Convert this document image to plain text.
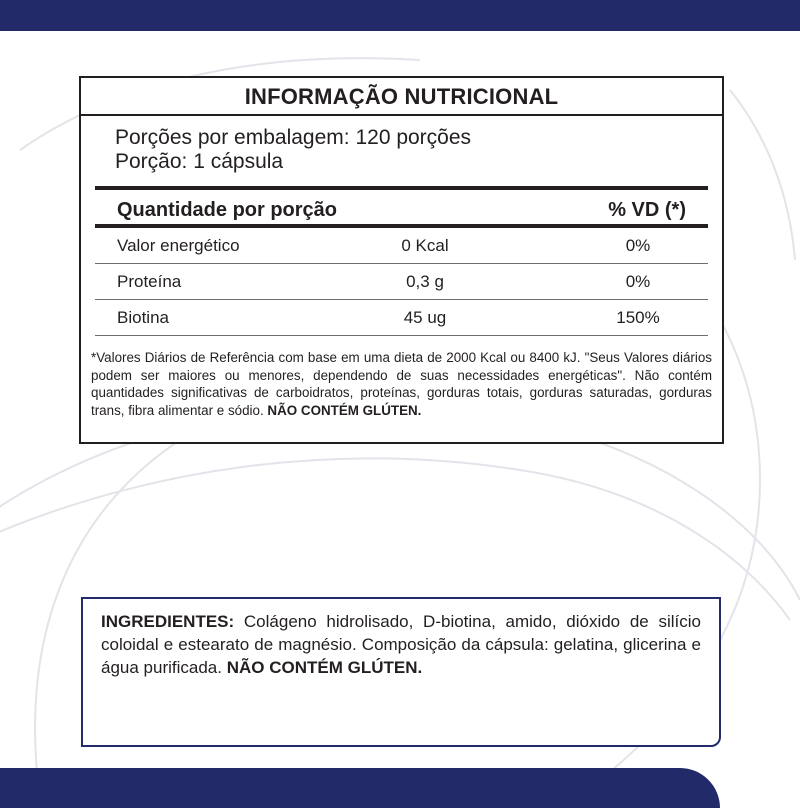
INFORMAÇÃO NUTRICIONAL
Porções por embalagem: 120 porções
Porção: 1 cápsula
Quantidade por porção	% VD (*)
Valor energético	0 Kcal	0%
Proteína	0,3 g	0%
Biotina	45 ug	150%
*Valores Diários de Referência com base em uma dieta de 2000 Kcal ou 8400 kJ. "Seus Valores diários podem ser maiores ou menores, dependendo de suas necessidades energéticas". Não contém quantidades significativas de carboidratos, proteínas, gorduras totais, gorduras saturadas, gorduras trans, fibra alimentar e sódio. NÃO CONTÉM GLÚTEN.
INGREDIENTES: Colágeno hidrolisado, D-biotina, amido, dióxido de silício coloidal e estearato de magnésio. Composição da cápsula: gelatina, glicerina e água purificada. NÃO CONTÉM GLÚTEN.
